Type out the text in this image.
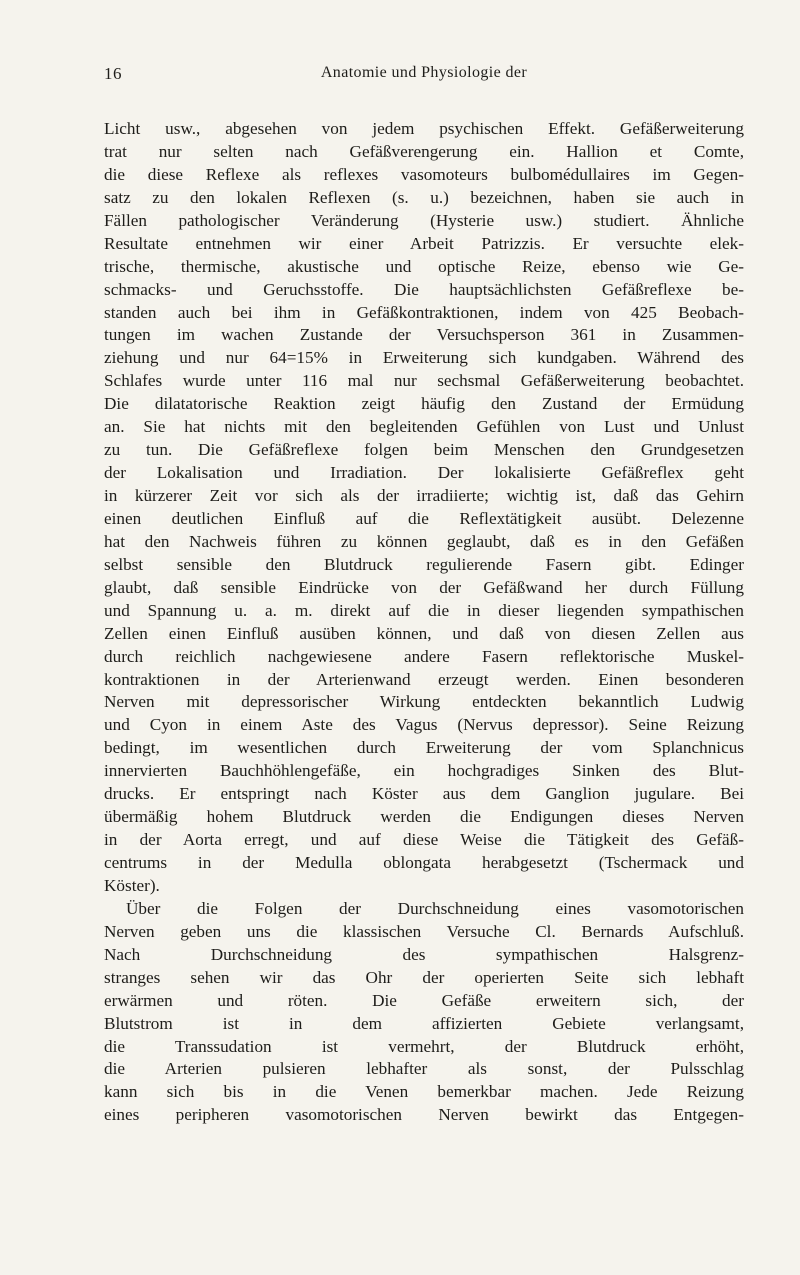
16	Anatomie und Physiologie der
Licht usw., abgesehen von jedem psychischen Effekt. Gefäßerweiterung
trat nur selten nach Gefäßverengerung ein. Hallion et Comte,
die diese Reflexe als reflexes vasomoteurs bulbomédullaires im Gegen-
satz zu den lokalen Reflexen (s. u.) bezeichnen, haben sie auch in
Fällen pathologischer Veränderung (Hysterie usw.) studiert. Ähnliche
Resultate entnehmen wir einer Arbeit Patrizzis. Er versuchte elek-
trische, thermische, akustische und optische Reize, ebenso wie Ge-
schmacks- und Geruchsstoffe. Die hauptsächlichsten Gefäßreflexe be-
standen auch bei ihm in Gefäßkontraktionen, indem von 425 Beobach-
tungen im wachen Zustande der Versuchsperson 361 in Zusammen-
ziehung und nur 64=15% in Erweiterung sich kundgaben. Während des
Schlafes wurde unter 116 mal nur sechsmal Gefäßerweiterung beobachtet.
Die dilatatorische Reaktion zeigt häufig den Zustand der Ermüdung
an. Sie hat nichts mit den begleitenden Gefühlen von Lust und Unlust
zu tun. Die Gefäßreflexe folgen beim Menschen den Grundgesetzen
der Lokalisation und Irradiation. Der lokalisierte Gefäßreflex geht
in kürzerer Zeit vor sich als der irradiierte; wichtig ist, daß das Gehirn
einen deutlichen Einfluß auf die Reflextätigkeit ausübt. Delezenne
hat den Nachweis führen zu können geglaubt, daß es in den Gefäßen
selbst sensible den Blutdruck regulierende Fasern gibt. Edinger
glaubt, daß sensible Eindrücke von der Gefäßwand her durch Füllung
und Spannung u. a. m. direkt auf die in dieser liegenden sympathischen
Zellen einen Einfluß ausüben können, und daß von diesen Zellen aus
durch reichlich nachgewiesene andere Fasern reflektorische Muskel-
kontraktionen in der Arterienwand erzeugt werden. Einen besonderen
Nerven mit depressorischer Wirkung entdeckten bekanntlich Ludwig
und Cyon in einem Aste des Vagus (Nervus depressor). Seine Reizung
bedingt, im wesentlichen durch Erweiterung der vom Splanchnicus
innervierten Bauchhöhlengefäße, ein hochgradiges Sinken des Blut-
drucks. Er entspringt nach Köster aus dem Ganglion jugulare. Bei
übermäßig hohem Blutdruck werden die Endigungen dieses Nerven
in der Aorta erregt, und auf diese Weise die Tätigkeit des Gefäß-
centrums in der Medulla oblongata herabgesetzt (Tschermack und
Köster).
Über die Folgen der Durchschneidung eines vasomotorischen
Nerven geben uns die klassischen Versuche Cl. Bernards Aufschluß.
Nach Durchschneidung des sympathischen Halsgrenz-
stranges sehen wir das Ohr der operierten Seite sich lebhaft
erwärmen und röten. Die Gefäße erweitern sich, der
Blutstrom ist in dem affizierten Gebiete verlangsamt,
die Transsudation ist vermehrt, der Blutdruck erhöht,
die Arterien pulsieren lebhafter als sonst, der Pulsschlag
kann sich bis in die Venen bemerkbar machen. Jede Reizung
eines peripheren vasomotorischen Nerven bewirkt das Entgegen-
